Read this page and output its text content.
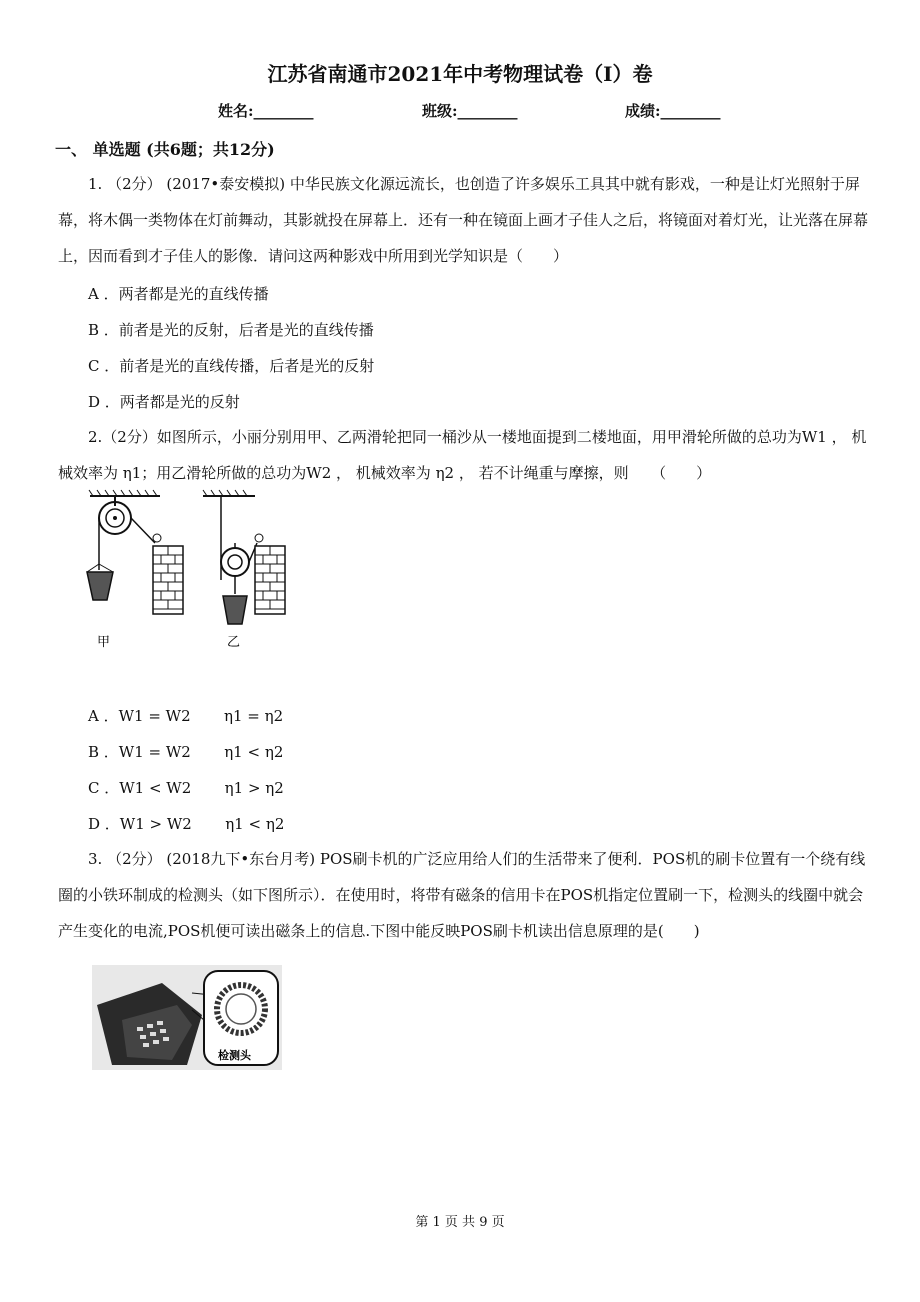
江苏省南通市2021年中考物理试卷（I）卷
姓名:________	班级:________	成绩:________
一、 单选题 (共6题；共12分)
1. （2分） (2017•泰安模拟) 中华民族文化源远流长，也创造了许多娱乐工具其中就有影戏，一种是让灯光照射于屏幕，将木偶一类物体在灯前舞动，其影就投在屏幕上．还有一种在镜面上画才子佳人之后，将镜面对着灯光，让光落在屏幕上，因而看到才子佳人的影像．请问这两种影戏中所用到光学知识是（　　）
A ．两者都是光的直线传播
B ．前者是光的反射，后者是光的直线传播
C ．前者是光的直线传播，后者是光的反射
D ．两者都是光的反射
2.（2分）如图所示，小丽分别用甲、乙两滑轮把同一桶沙从一楼地面提到二楼地面，用甲滑轮所做的总功为W1 ， 机械效率为 η1；用乙滑轮所做的总功为W2 ， 机械效率为 η2 ， 若不计绳重与摩擦，则　　（　　）
甲	乙
A ．W1 = W2       η1 = η2
B ．W1 = W2       η1 < η2
C ．W1 < W2       η1 > η2
D ．W1 > W2       η1 < η2
3. （2分） (2018九下•东台月考) POS刷卡机的广泛应用给人们的生活带来了便利．POS机的刷卡位置有一个绕有线圈的小铁环制成的检测头（如下图所示）．在使用时，将带有磁条的信用卡在POS机指定位置刷一下，检测头的线圈中就会产生变化的电流,POS机便可读出磁条上的信息.下图中能反映POS刷卡机读出信息原理的是(　　)
检测头
第 1 页 共 9 页
